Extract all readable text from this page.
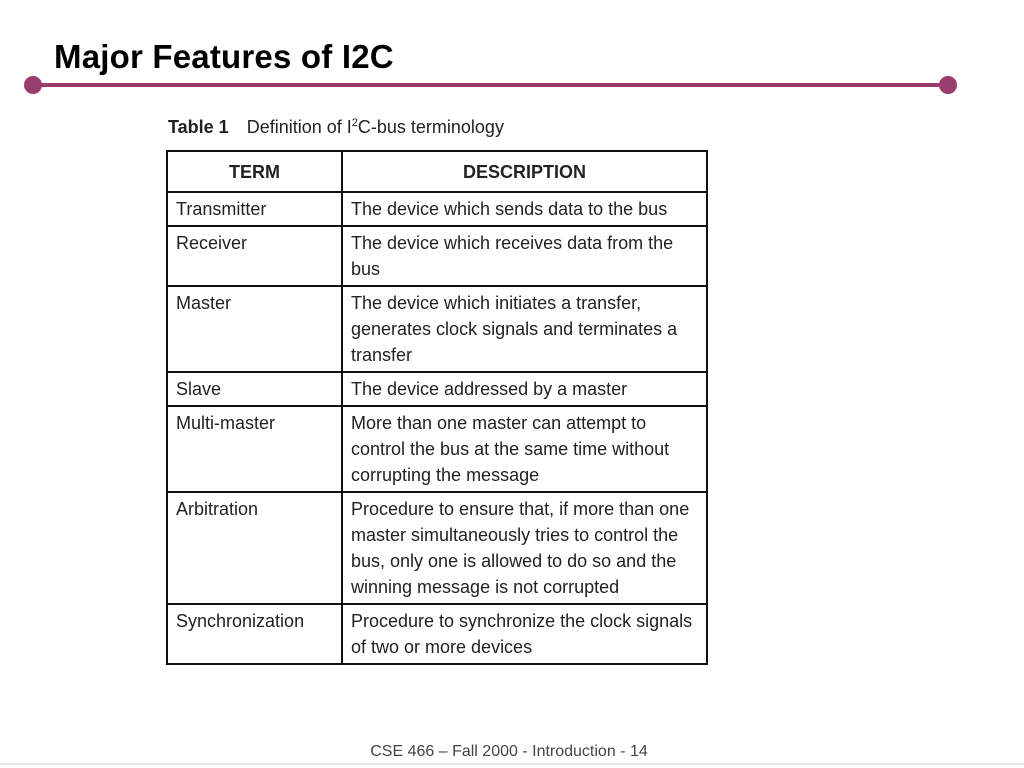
Major Features of I2C
Table 1 Definition of $I^2C$-bus terminology
TERM	DESCRIPTION
Transmitter	The device which sends data to the bus
Receiver	The device which receives data from the bus
Master	The device which initiates a transfer, generates clock signals and terminates a transfer
Slave	The device addressed by a master
Multi-master	More than one master can attempt to control the bus at the same time without corrupting the message
Arbitration	Procedure to ensure that, if more than one master simultaneously tries to control the bus, only one is allowed to do so and the winning message is not corrupted
Synchronization	Procedure to synchronize the clock signals of two or more devices
CSE 466 – Fall 2000 - Introduction - 14
